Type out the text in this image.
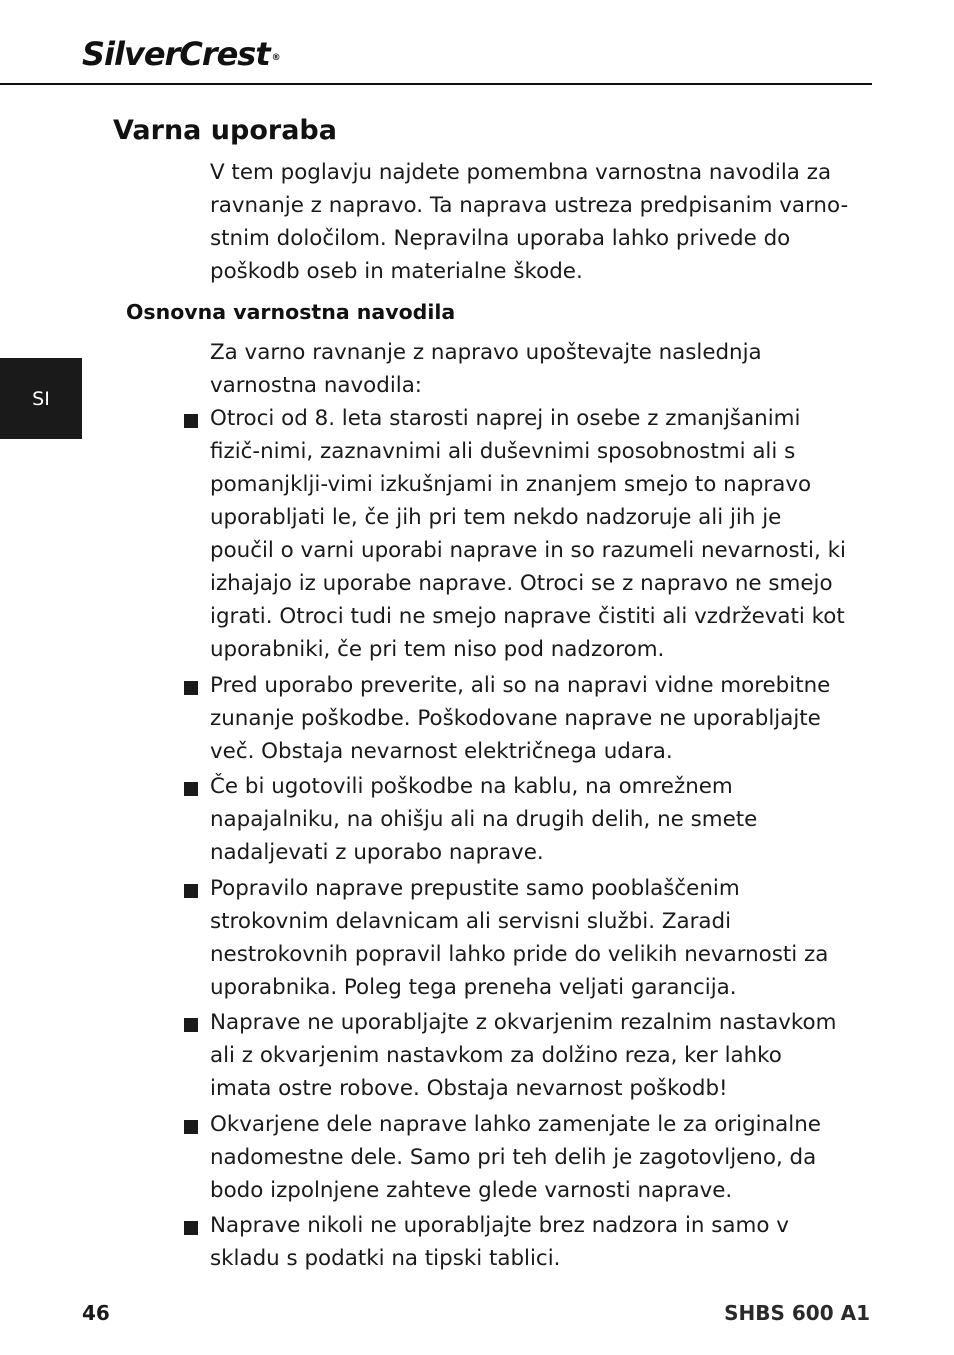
SilverCrest ®
SI
Varna uporaba

V tem poglavju najdete pomembna varnostna navodila za ravnanje z napravo. Ta naprava ustreza predpisanim varno-stnim določilom. Nepravilna uporaba lahko privede do poškodb oseb in materialne škode.

Osnovna varnostna navodila

Za varno ravnanje z napravo upoštevajte naslednja varnostna navodila:

Otroci od 8. leta starosti naprej in osebe z zmanjšanimi fizič-nimi, zaznavnimi ali duševnimi sposobnostmi ali s pomanjklji-vimi izkušnjami in znanjem smejo to napravo uporabljati le, če jih pri tem nekdo nadzoruje ali jih je poučil o varni uporabi naprave in so razumeli nevarnosti, ki izhajajo iz uporabe naprave. Otroci se z napravo ne smejo igrati. Otroci tudi ne smejo naprave čistiti ali vzdrževati kot uporabniki, če pri tem niso pod nadzorom.
Pred uporabo preverite, ali so na napravi vidne morebitne zunanje poškodbe. Poškodovane naprave ne uporabljajte več. Obstaja nevarnost električnega udara.
Če bi ugotovili poškodbe na kablu, na omrežnem napajalniku, na ohišju ali na drugih delih, ne smete nadaljevati z uporabo naprave.
Popravilo naprave prepustite samo pooblaščenim strokovnim delavnicam ali servisni službi. Zaradi nestrokovnih popravil lahko pride do velikih nevarnosti za uporabnika. Poleg tega preneha veljati garancija.
Naprave ne uporabljajte z okvarjenim rezalnim nastavkom ali z okvarjenim nastavkom za dolžino reza, ker lahko imata ostre robove. Obstaja nevarnost poškodb!
Okvarjene dele naprave lahko zamenjate le za originalne nadomestne dele. Samo pri teh delih je zagotovljeno, da bodo izpolnjene zahteve glede varnosti naprave.
Naprave nikoli ne uporabljajte brez nadzora in samo v skladu s podatki na tipski tablici.
46	SHBS 600 A1
